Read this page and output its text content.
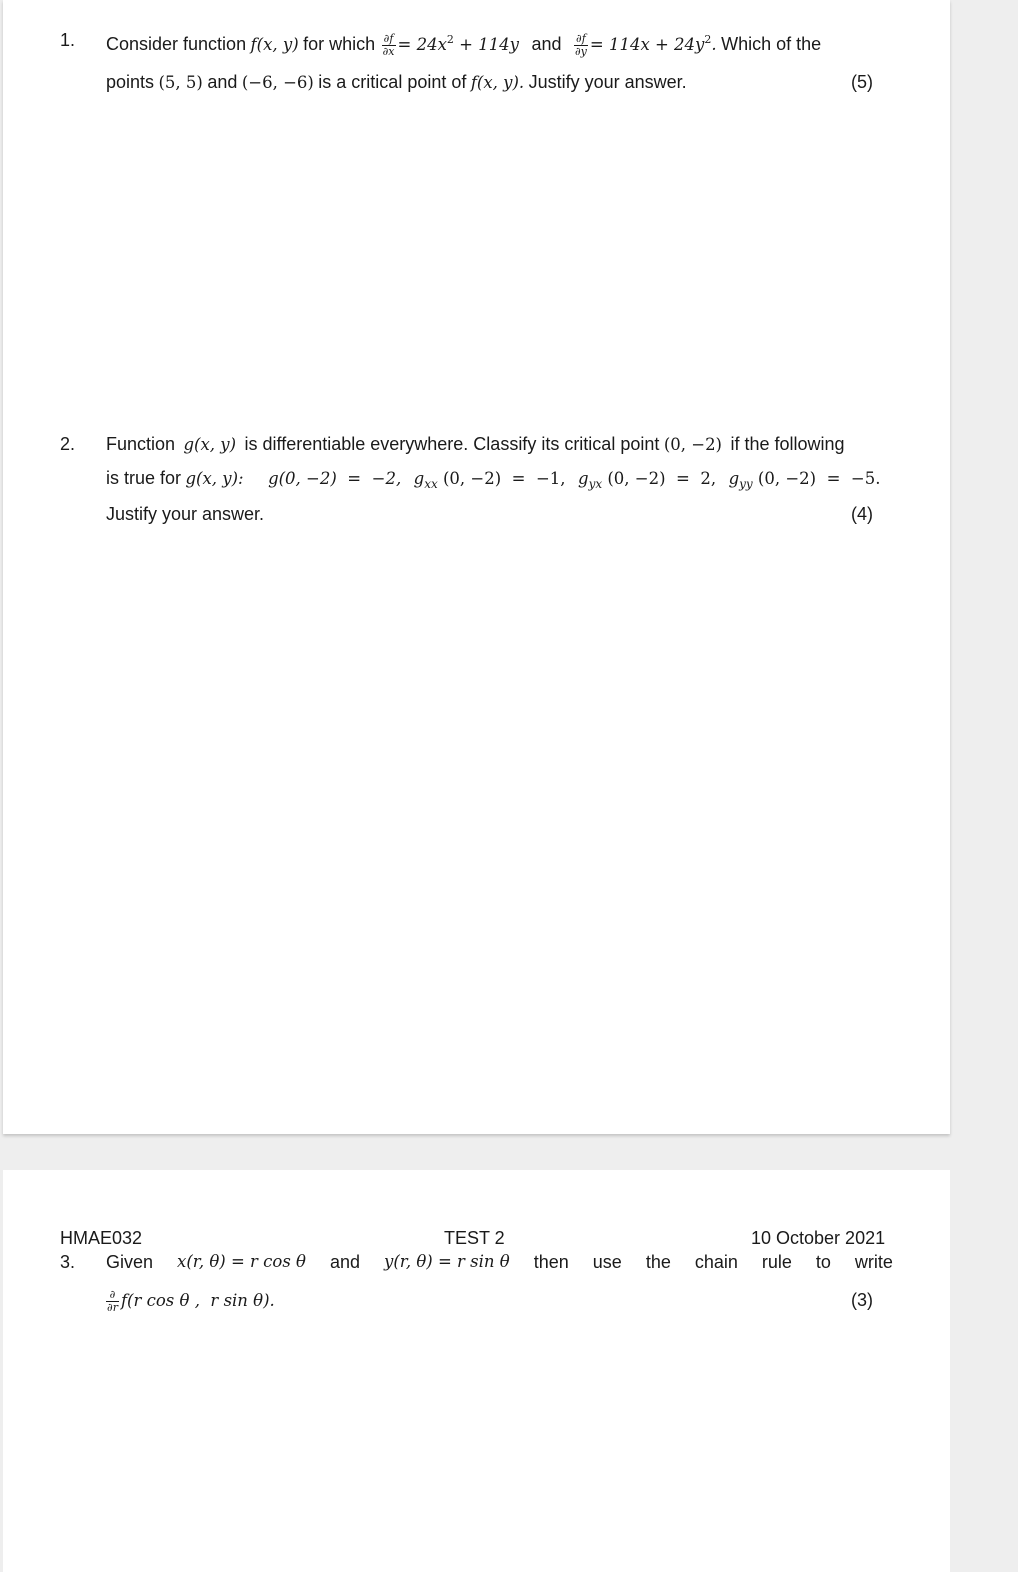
1. Consider function f(x, y) for which $\frac{\partial f}{\partial x} = 24x^2 + 114y$ and $\frac{\partial f}{\partial y} = 114x + 24y^2$. Which of the
points (5, 5) and (−6, −6) is a critical point of f(x, y). Justify your answer.	(5)
2. Function g(x, y) is differentiable everywhere. Classify its critical point (0, −2) if the following
is true for g(x, y): g(0, −2)  =  −2, $g_{xx}$ (0, −2)  =  −1, $g_{yx}$ (0, −2)  =  2, $g_{yy}$ (0, −2)  =  −5.
Justify your answer.	(4)
HMAE032	TEST 2	10 October 2021
3. Given x(r, θ) = r cos θ and y(r, θ) = r sin θ then use the chain rule to write
$\frac{\partial}{\partial r} f(r$ cos θ ,  r sin θ).	(3)
